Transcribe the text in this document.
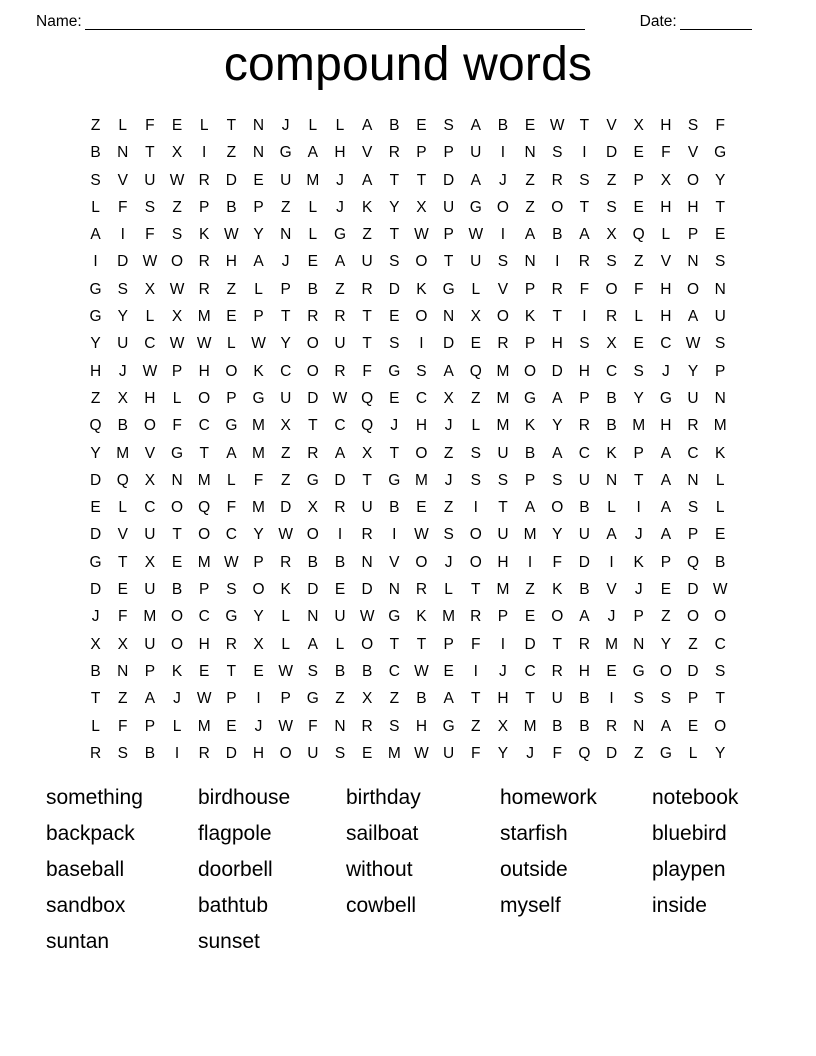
Name:	Date:
compound words
Z	L	F	E	L	T	N	J	L	L	A	B	E	S	A	B	E W T	V	X	H	S	F
B	N	T	X	I	Z	N	G	A	H	V	R	P	P	U	I	N	S	I	D	E	F	V	G
S	V	U W R	D	E	U M	J	A	T	T	D	A	J	Z	R	S	Z	P	X	O	Y
L	F	S	Z	P	B	P	Z	L	J	K	Y	X	U	G O	Z	O	T	S	E	H	H	T
A	I	F	S	K W Y	N	L	G	Z	T W P W	I	A	B	A	X	Q	L	P	E
I	D W O	R	H	A	J	E	A	U	S	O	T	U	S	N	I	R	S	Z	V	N	S
G	S	X W R	Z	L	P	B	Z	R	D	K	G	L	V	P	R	F	O	F	H	O	N
G	Y	L	X	M	E	P	T	R	R	T	E	O	N	X	O	K	T	I	R	L	H	A	U
Y	U	C W W	L	W Y	O	U	T	S	I	D	E	R	P	H	S	X	E	C W S
H	J	W P	H	O	K	C	O	R	F	G	S	A	Q M O	D	H	C	S	J	Y	P
Z	X	H	L	O	P	G	U	D W Q	E	C	X	Z	M G	A	P	B	Y	G	U	N
Q	B	O	F	C	G M	X	T	C	Q	J	H	J	L	M	K	Y	R	B	M H	R M
Y	M	V	G	T	A	M	Z	R	A	X	T	O	Z	S	U	B	A	C	K	P	A	C	K
D	Q	X	N M	L	F	Z	G	D	T	G M	J	S	S	P	S	U	N	T	A	N	L
E	L	C	O Q	F	M D	X	R	U	B	E	Z	I	T	A	O	B	L	I	A	S	L
D	V	U	T	O	C	Y W O	I	R	I	W S	O	U M	Y	U	A	J	A	P	E
G	T	X	E	M W P	R	B	B	N	V	O	J	O	H	I	F	D	I	K	P	Q	B
D	E	U	B	P	S	O	K	D	E	D	N	R	L	T	M	Z	K	B	V	J	E	D W
J	F	M O	C	G	Y	L	N	U W G	K	M R	P	E	O	A	J	P	Z	O O
X	X	U	O	H	R	X	L	A	L	O	T	T	P	F	I	D	T	R M N	Y	Z	C
B	N	P	K	E	T	E W S	B	B	C W E	I	J	C	R	H	E	G O	D	S
T	Z	A	J	W P	I	P	G	Z	X	Z	B	A	T	H	T	U	B	I	S	S	P	T
L	F	P	L	M	E	J	W F	N	R	S	H	G	Z	X	M	B	B	R	N	A	E	O
R	S	B	I	R	D	H	O	U	S	E	M W U	F	Y	J	F	Q	D	Z	G	L	Y
something
backpack
baseball
sandbox
suntan
birdhouse
flagpole
doorbell
bathtub
sunset
birthday
sailboat
without
cowbell
homework
starfish
outside
myself
notebook
bluebird
playpen
inside
